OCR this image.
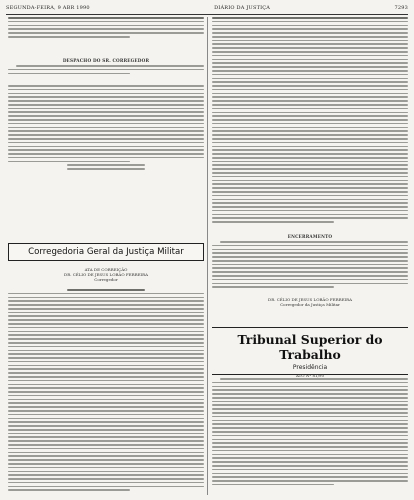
SEGUNDA-FEIRA, 9 ABR 1990	DIÁRIO DA JUSTIÇA	7293
DESPACHO DO SR. CORREGEDOR
Corregedoria Geral da Justiça Militar
ATA DE CORREIÇÃO
DR. CÉLIO DE JESUS LOBÃO FERREIRA
Corregedor
ENCERRAMENTO
DR. CÉLIO DE JESUS LOBÃO FERREIRA
Corregedor da Justiça Militar
Tribunal Superior do Trabalho
Presidência
ATO Nº 81/90
